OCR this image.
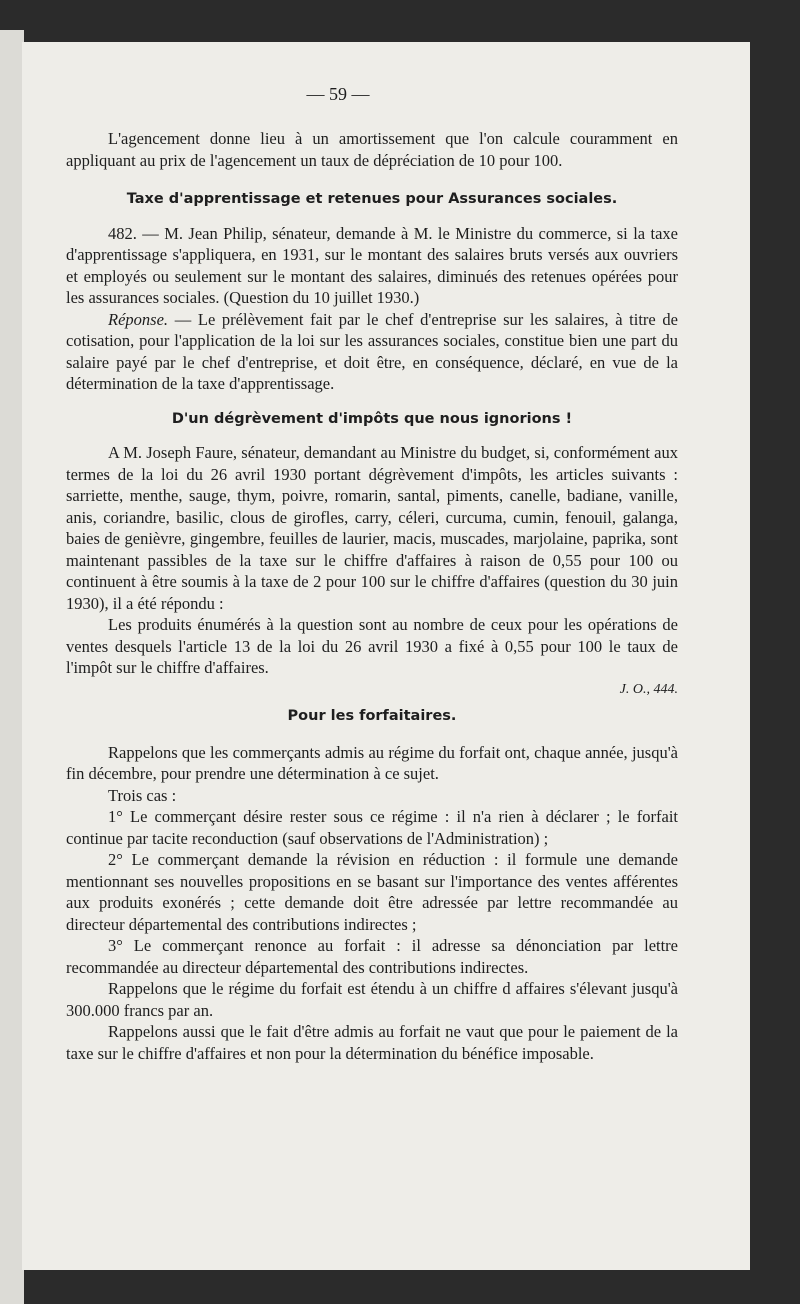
— 59 —

L'agencement donne lieu à un amortissement que l'on calcule couramment en appliquant au prix de l'agencement un taux de dépréciation de 10 pour 100.

Taxe d'apprentissage et retenues pour Assurances sociales.

482. — M. Jean Philip, sénateur, demande à M. le Ministre du commerce, si la taxe d'apprentissage s'appliquera, en 1931, sur le montant des salaires bruts versés aux ouvriers et employés ou seulement sur le montant des salaires, diminués des retenues opérées pour les assurances sociales. (Question du 10 juillet 1930.)

Réponse. — Le prélèvement fait par le chef d'entreprise sur les salaires, à titre de cotisation, pour l'application de la loi sur les assurances sociales, constitue bien une part du salaire payé par le chef d'entreprise, et doit être, en conséquence, déclaré, en vue de la détermination de la taxe d'apprentissage.

D'un dégrèvement d'impôts que nous ignorions !

A M. Joseph Faure, sénateur, demandant au Ministre du budget, si, conformément aux termes de la loi du 26 avril 1930 portant dégrèvement d'impôts, les articles suivants : sarriette, menthe, sauge, thym, poivre, romarin, santal, piments, canelle, badiane, vanille, anis, coriandre, basilic, clous de girofles, carry, céleri, curcuma, cumin, fenouil, galanga, baies de genièvre, gingembre, feuilles de laurier, macis, muscades, marjolaine, paprika, sont maintenant passibles de la taxe sur le chiffre d'affaires à raison de 0,55 pour 100 ou continuent à être soumis à la taxe de 2 pour 100 sur le chiffre d'affaires (question du 30 juin 1930), il a été répondu :

Les produits énumérés à la question sont au nombre de ceux pour les opérations de ventes desquels l'article 13 de la loi du 26 avril 1930 a fixé à 0,55 pour 100 le taux de l'impôt sur le chiffre d'affaires.

J. O., 444.

Pour les forfaitaires.

Rappelons que les commerçants admis au régime du forfait ont, chaque année, jusqu'à fin décembre, pour prendre une détermination à ce sujet.

Trois cas :

1° Le commerçant désire rester sous ce régime : il n'a rien à déclarer ; le forfait continue par tacite reconduction (sauf observations de l'Administration) ;

2° Le commerçant demande la révision en réduction : il formule une demande mentionnant ses nouvelles propositions en se basant sur l'importance des ventes afférentes aux produits exonérés ; cette demande doit être adressée par lettre recommandée au directeur départemental des contributions indirectes ;

3° Le commerçant renonce au forfait : il adresse sa dénonciation par lettre recommandée au directeur départemental des contributions indirectes.

Rappelons que le régime du forfait est étendu à un chiffre d affaires s'élevant jusqu'à 300.000 francs par an.

Rappelons aussi que le fait d'être admis au forfait ne vaut que pour le paiement de la taxe sur le chiffre d'affaires et non pour la détermination du bénéfice imposable.
